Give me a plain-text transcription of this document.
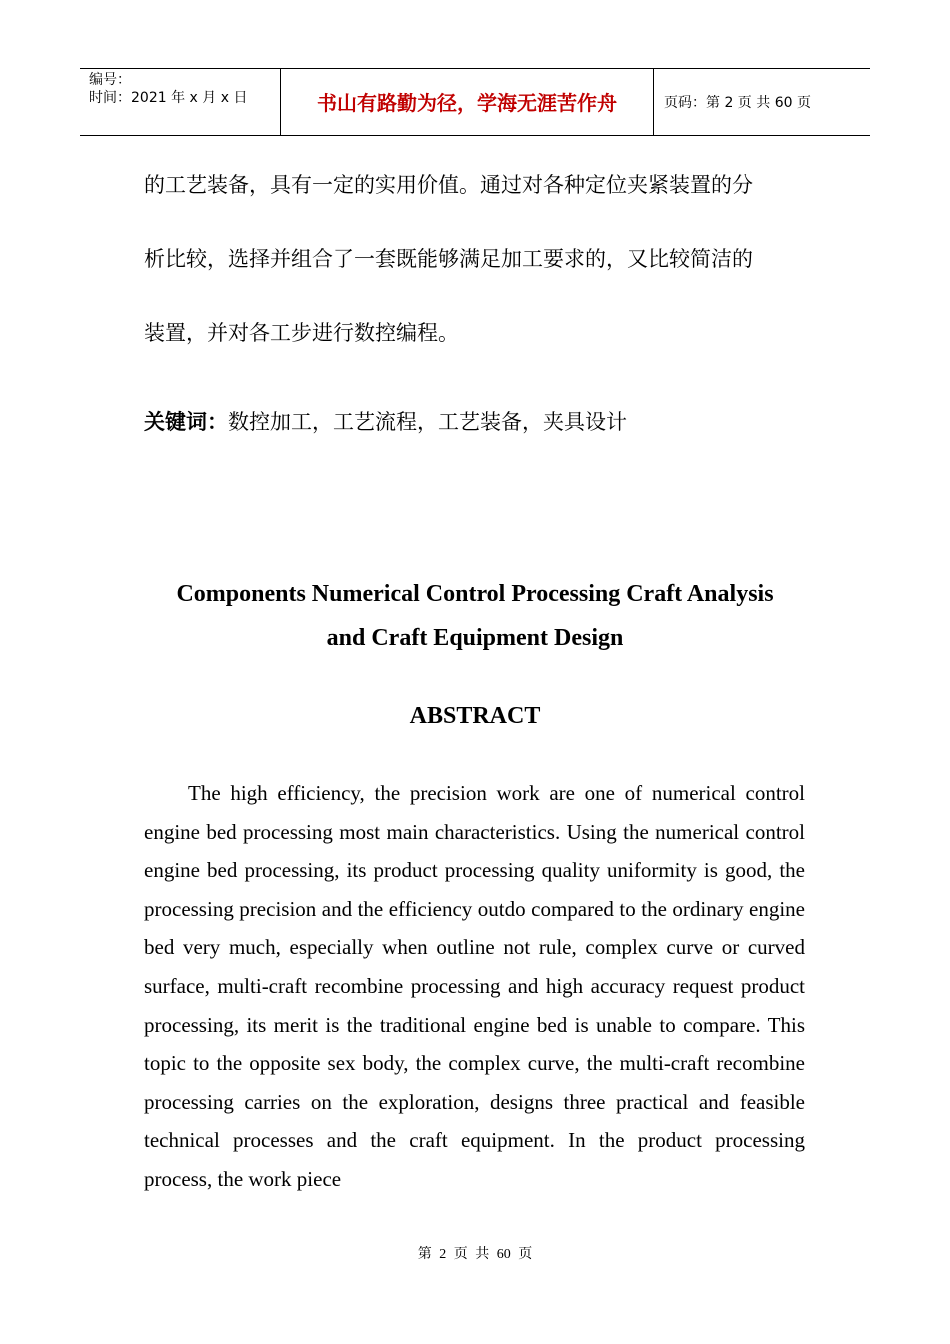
编号：
时间：2021 年 x 月 x 日	书山有路勤为径，学海无涯苦作舟	页码：第 2 页 共 60 页
的工艺装备，具有一定的实用价值。通过对各种定位夹紧装置的分
析比较，选择并组合了一套既能够满足加工要求的，又比较简洁的
装置，并对各工步进行数控编程。
关键词：数控加工，工艺流程，工艺装备，夹具设计
Components Numerical Control Processing Craft Analysis
and Craft Equipment Design
ABSTRACT
The high efficiency, the precision work are one of numerical control engine bed processing most main characteristics. Using the numerical control engine bed processing, its product processing quality uniformity is good, the processing precision and the efficiency outdo compared to the ordinary engine bed very much, especially when outline not rule, complex curve or curved surface, multi-craft recombine processing and high accuracy request product processing, its merit is the traditional engine bed is unable to compare. This topic to the opposite sex body, the complex curve, the multi-craft recombine processing carries on the exploration, designs three practical and feasible technical processes and the craft equipment. In the product processing process, the work piece
第 2 页 共 60 页
